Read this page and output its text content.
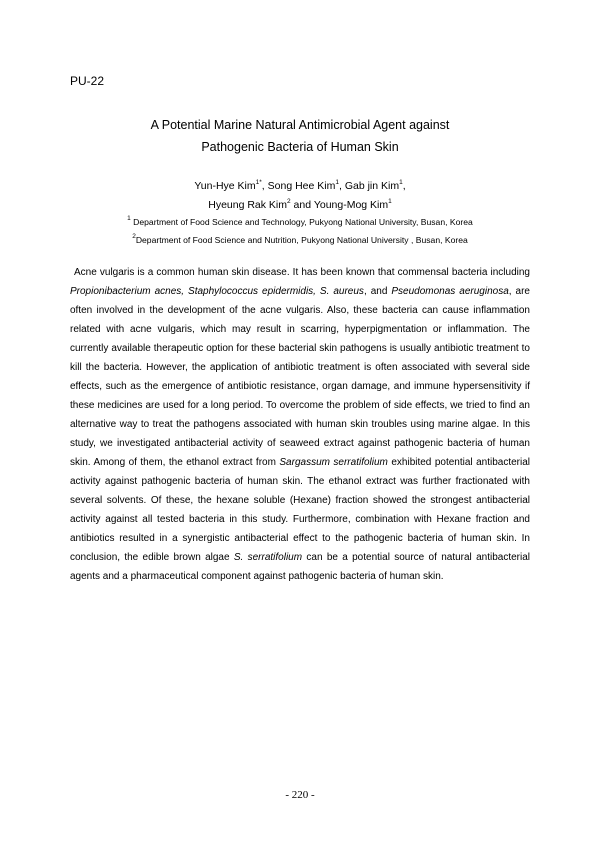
PU-22
A Potential Marine Natural Antimicrobial Agent against
Pathogenic Bacteria of Human Skin
Yun-Hye Kim$^{1*}$, Song Hee Kim$^1$, Gab jin Kim$^1$,
Hyeung Rak Kim$^2$ and Young-Mog Kim$^1$
$^1$ Department of Food Science and Technology, Pukyong National University, Busan, Korea
$^2$Department of Food Science and Nutrition, Pukyong National University , Busan, Korea
Acne vulgaris is a common human skin disease. It has been known that commensal bacteria including Propionibacterium acnes, Staphylococcus epidermidis, S. aureus, and Pseudomonas aeruginosa, are often involved in the development of the acne vulgaris. Also, these bacteria can cause inflammation related with acne vulgaris, which may result in scarring, hyperpigmentation or inflammation. The currently available therapeutic option for these bacterial skin pathogens is usually antibiotic treatment to kill the bacteria. However, the application of antibiotic treatment is often associated with several side effects, such as the emergence of antibiotic resistance, organ damage, and immune hypersensitivity if these medicines are used for a long period. To overcome the problem of side effects, we tried to find an alternative way to treat the pathogens associated with human skin troubles using marine algae. In this study, we investigated antibacterial activity of seaweed extract against pathogenic bacteria of human skin. Among of them, the ethanol extract from Sargassum serratifolium exhibited potential antibacterial activity against pathogenic bacteria of human skin. The ethanol extract was further fractionated with several solvents. Of these, the hexane soluble (Hexane) fraction showed the strongest antibacterial activity against all tested bacteria in this study. Furthermore, combination with Hexane fraction and antibiotics resulted in a synergistic antibacterial effect to the pathogenic bacteria of human skin. In conclusion, the edible brown algae S. serratifolium can be a potential source of natural antibacterial agents and a pharmaceutical component against pathogenic bacteria of human skin.
- 220 -
